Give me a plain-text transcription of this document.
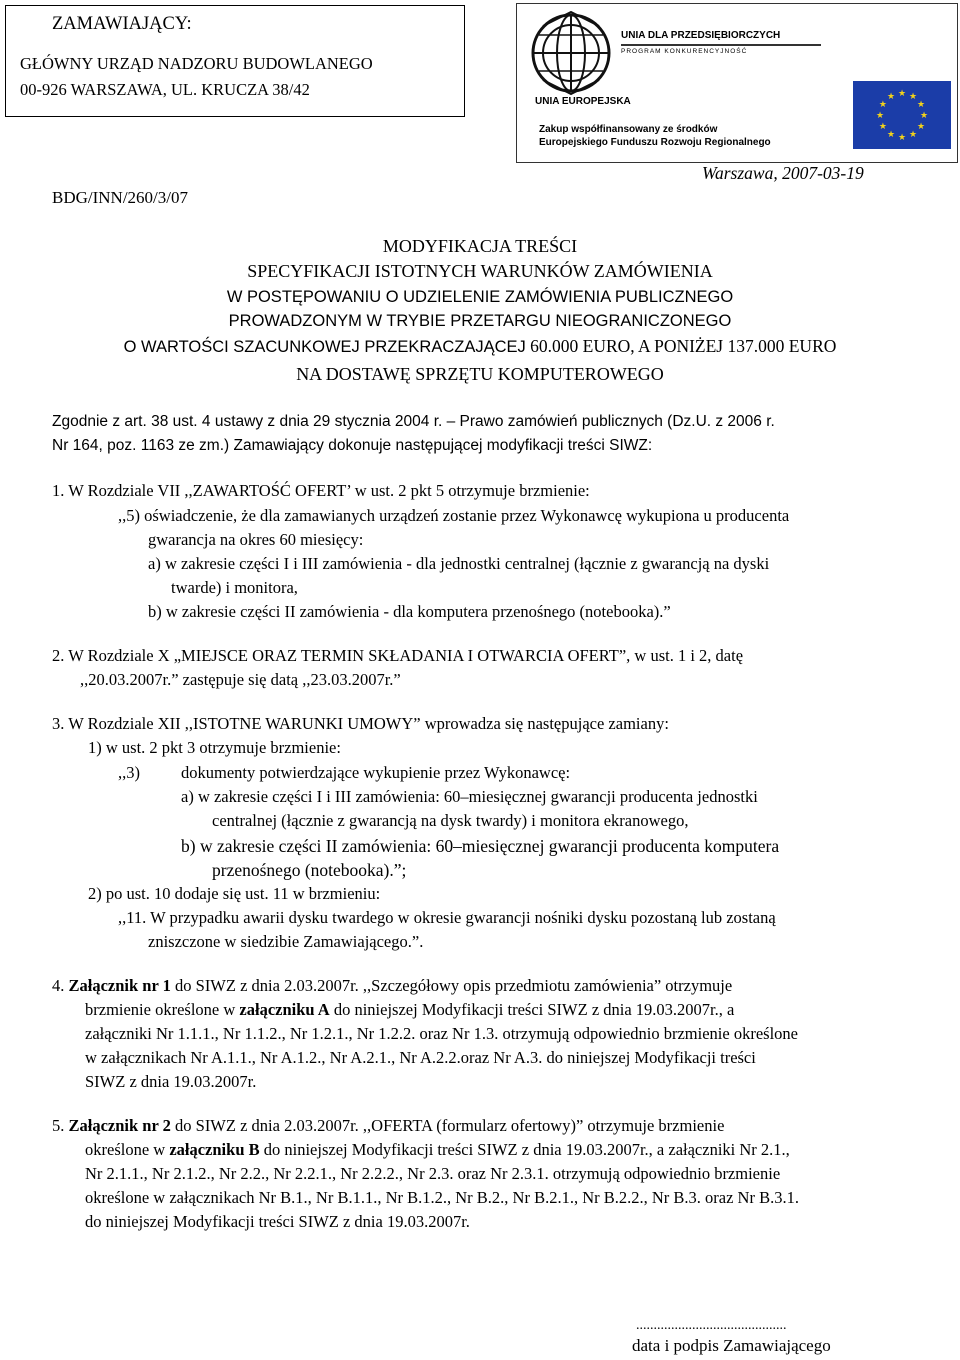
ZAMAWIAJĄCY:
GŁÓWNY URZĄD NADZORU BUDOWLANEGO
00-926 WARSZAWA, UL. KRUCZA 38/42
UNIA DLA PRZEDSIĘBIORCZYCH
PROGRAM KONKURENCYJNOŚĆ
UNIA EUROPEJSKA
Zakup współfinansowany ze środków
Europejskiego Funduszu Rozwoju Regionalnego
★ ★
★
★
★
★
★
★
★
★
★
★
BDG/INN/260/3/07
Warszawa, 2007-03-19
MODYFIKACJA TREŚCI
SPECYFIKACJI ISTOTNYCH WARUNKÓW ZAMÓWIENIA
W POSTĘPOWANIU O UDZIELENIE ZAMÓWIENIA PUBLICZNEGO
PROWADZONYM W TRYBIE PRZETARGU NIEOGRANICZONEGO
O WARTOŚCI SZACUNKOWEJ PRZEKRACZAJĄCEJ 60.000 EURO, A PONIŻEJ 137.000 EURO
NA DOSTAWĘ SPRZĘTU KOMPUTEROWEGO
Zgodnie z art. 38 ust. 4 ustawy z dnia 29 stycznia 2004 r. – Prawo zamówień publicznych (Dz.U. z 2006 r.
Nr 164, poz. 1163 ze zm.) Zamawiający dokonuje następującej modyfikacji treści SIWZ:
1. W Rozdziale VII ,,ZAWARTOŚĆ OFERT’ w ust. 2 pkt 5 otrzymuje brzmienie:
,,5) oświadczenie, że dla zamawianych urządzeń zostanie przez Wykonawcę wykupiona u producenta
gwarancja na okres 60 miesięcy:
a) w zakresie części I i III zamówienia - dla jednostki centralnej (łącznie z gwarancją na dyski
twarde) i monitora,
b) w zakresie części II zamówienia - dla komputera przenośnego (notebooka).”
2. W Rozdziale X „MIEJSCE ORAZ TERMIN SKŁADANIA I OTWARCIA OFERT”, w ust. 1 i 2, datę
,,20.03.2007r.” zastępuje się datą ,,23.03.2007r.”
3. W Rozdziale XII ,,ISTOTNE WARUNKI UMOWY” wprowadza się następujące zamiany:
1) w ust. 2 pkt 3 otrzymuje brzmienie:
,,3) dokumenty potwierdzające wykupienie przez Wykonawcę:
a) w zakresie części I i III zamówienia: 60–miesięcznej gwarancji producenta jednostki
centralnej (łącznie z gwarancją na dysk twardy) i monitora ekranowego,
b) w zakresie części II zamówienia: 60–miesięcznej gwarancji producenta komputera
przenośnego (notebooka).”;
2) po ust. 10 dodaje się ust. 11 w brzmieniu:
,,11. W przypadku awarii dysku twardego w okresie gwarancji nośniki dysku pozostaną lub zostaną
zniszczone w siedzibie Zamawiającego.”.
4. Załącznik nr 1 do SIWZ z dnia 2.03.2007r. ,,Szczegółowy opis przedmiotu zamówienia” otrzymuje
brzmienie określone w załączniku A do niniejszej Modyfikacji treści SIWZ z dnia 19.03.2007r., a
załączniki Nr 1.1.1., Nr 1.1.2., Nr 1.2.1., Nr 1.2.2. oraz Nr 1.3. otrzymują odpowiednio brzmienie określone
w załącznikach Nr A.1.1., Nr A.1.2., Nr A.2.1., Nr A.2.2.oraz Nr A.3. do niniejszej Modyfikacji treści
SIWZ z dnia 19.03.2007r.
5. Załącznik nr 2 do SIWZ z dnia 2.03.2007r. ,,OFERTA (formularz ofertowy)” otrzymuje brzmienie
określone w załączniku B do niniejszej Modyfikacji treści SIWZ z dnia 19.03.2007r., a załączniki Nr 2.1.,
Nr 2.1.1., Nr 2.1.2., Nr 2.2., Nr 2.2.1., Nr 2.2.2., Nr 2.3. oraz Nr 2.3.1. otrzymują odpowiednio brzmienie
określone w załącznikach Nr B.1., Nr B.1.1., Nr B.1.2., Nr B.2., Nr B.2.1., Nr B.2.2., Nr B.3. oraz Nr B.3.1.
do niniejszej Modyfikacji treści SIWZ z dnia 19.03.2007r.
...........................................
data i podpis Zamawiającego
